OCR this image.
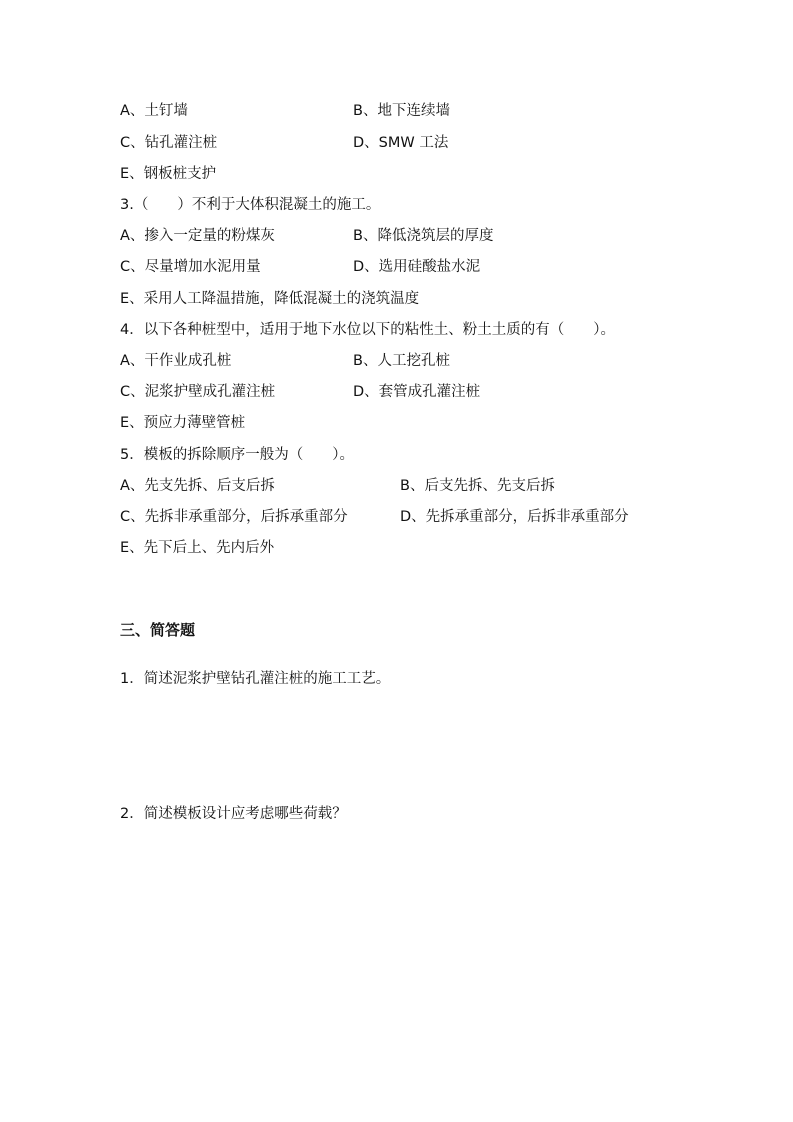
A、土钉墙	B、地下连续墙
C、钻孔灌注桩	D、SMW 工法
E、钢板桩支护
3.（　　）不利于大体积混凝土的施工。
A、掺入一定量的粉煤灰	B、降低浇筑层的厚度
C、尽量增加水泥用量	D、选用硅酸盐水泥
E、采用人工降温措施，降低混凝土的浇筑温度
4．以下各种桩型中，适用于地下水位以下的粘性土、粉土土质的有（　　）。
A、干作业成孔桩	B、人工挖孔桩
C、泥浆护壁成孔灌注桩	D、套管成孔灌注桩
E、预应力薄壁管桩
5．模板的拆除顺序一般为（　　）。
A、先支先拆、后支后拆	B、后支先拆、先支后拆
C、先拆非承重部分，后拆承重部分	D、先拆承重部分，后拆非承重部分
E、先下后上、先内后外
三、简答题
1．简述泥浆护壁钻孔灌注桩的施工工艺。
2．简述模板设计应考虑哪些荷载？
